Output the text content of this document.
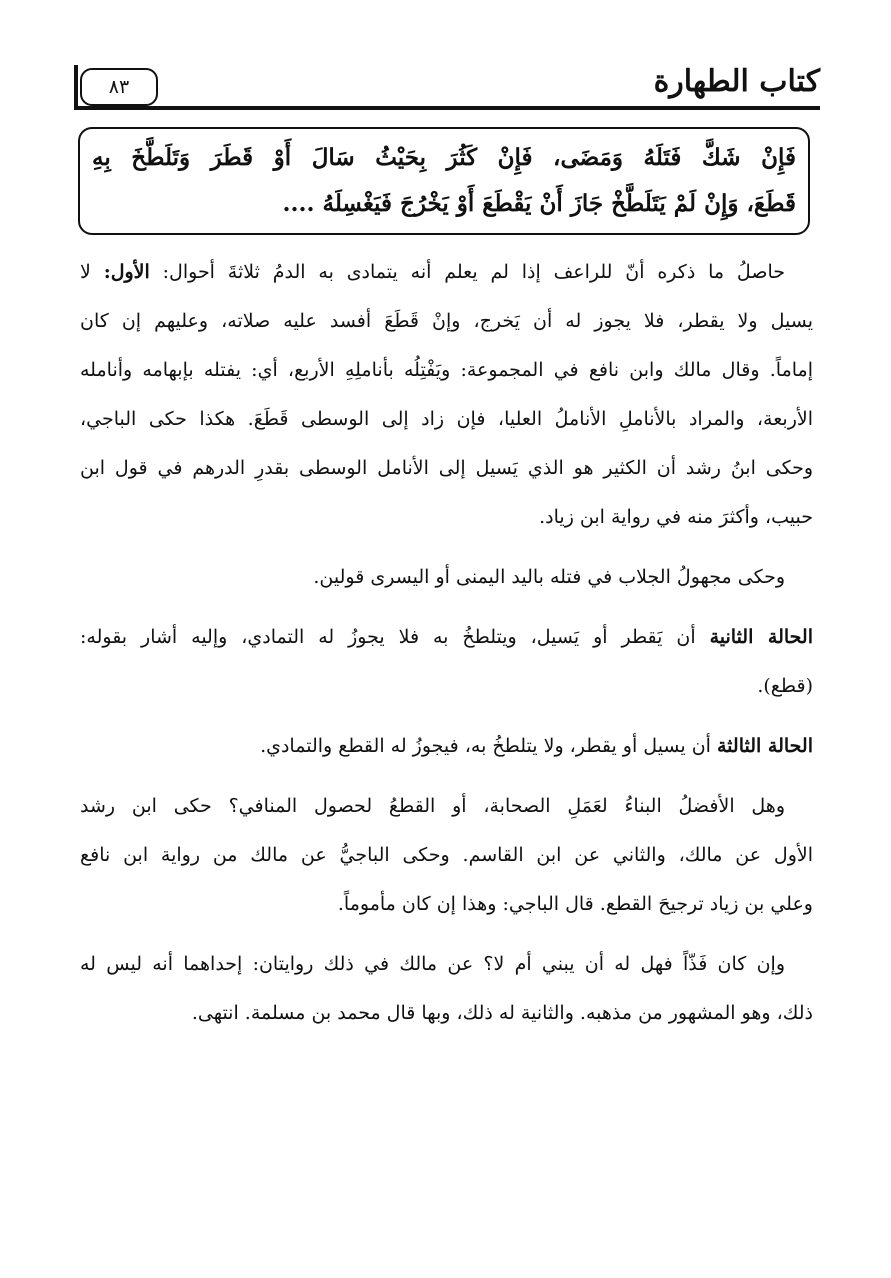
كتاب الطهارة
٨٣
فَإِنْ شَكَّ فَتَلَهُ وَمَضَى، فَإِنْ كَثُرَ بِحَيْثُ سَالَ أَوْ قَطَرَ وَتَلَطَّخَ بِهِ
قَطَعَ، وَإِنْ لَمْ يَتَلَطَّخْ جَازَ أَنْ يَقْطَعَ أَوْ يَخْرُجَ فَيَغْسِلَهُ ....
حاصلُ ما ذكره أنّ للراعف إذا لم يعلم أنه يتمادى به الدمُ ثلاثةَ أحوال: الأول: لا
يسيل ولا يقطر، فلا يجوز له أن يَخرج، وإنْ قَطَعَ أفسد عليه صلاته، وعليهم إن كان
إماماً. وقال مالك وابن نافع في المجموعة: ويَفْتِلُه بأناملِهِ الأربع، أي: يفتله بإبهامه وأنامله
الأربعة، والمراد بالأناملِ الأناملُ العليا، فإن زاد إلى الوسطى قَطَعَ. هكذا حكى الباجي،
وحكى ابنُ رشد أن الكثير هو الذي يَسيل إلى الأنامل الوسطى بقدرِ الدرهم في قول ابن
حبيب، وأكثرَ منه في رواية ابن زياد.
وحكى مجهولُ الجلاب في فتله باليد اليمنى أو اليسرى قولين.
الحالة الثانية أن يَقطر أو يَسيل، ويتلطخُ به فلا يجوزُ له التمادي، وإليه أشار بقوله:
(قطع).
الحالة الثالثة أن يسيل أو يقطر، ولا يتلطخُ به، فيجوزُ له القطع والتمادي.
وهل الأفضلُ البناءُ لعَمَلِ الصحابة، أو القطعُ لحصول المنافي؟ حكى ابن رشد
الأول عن مالك، والثاني عن ابن القاسم. وحكى الباجيُّ عن مالك من رواية ابن نافع
وعلي بن زياد ترجيحَ القطع. قال الباجي: وهذا إن كان مأموماً.
وإن كان فَذّاً فهل له أن يبني أم لا؟ عن مالك في ذلك روايتان: إحداهما أنه ليس له
ذلك، وهو المشهور من مذهبه. والثانية له ذلك، وبها قال محمد بن مسلمة. انتهى.
